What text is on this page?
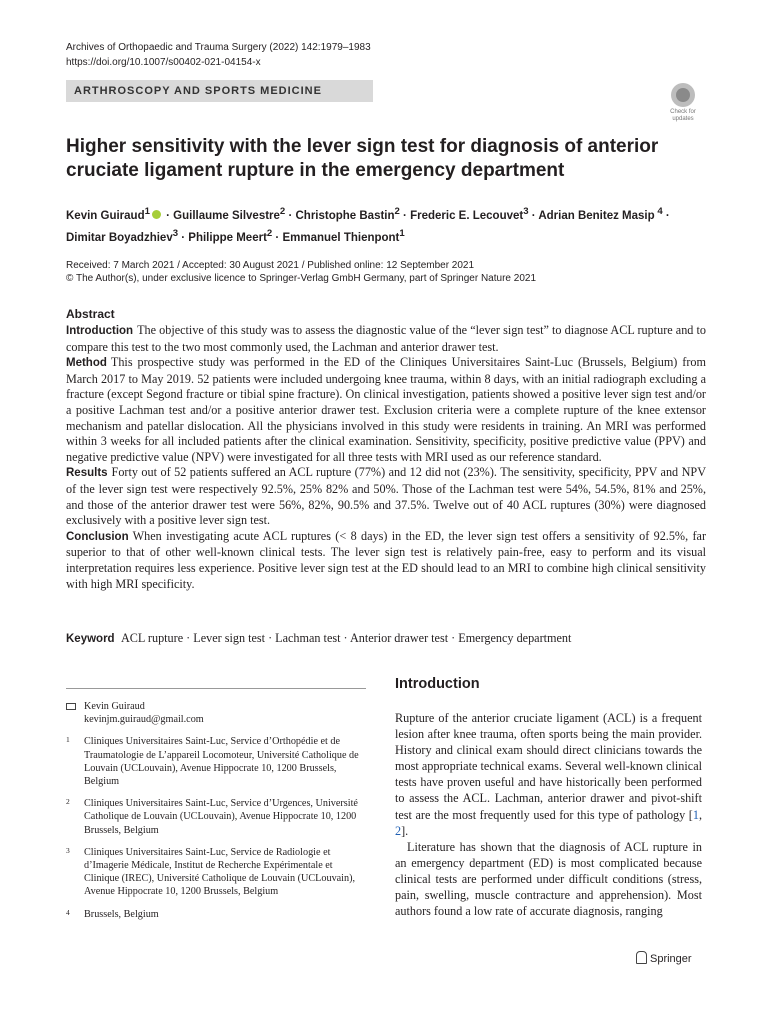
Archives of Orthopaedic and Trauma Surgery (2022) 142:1979–1983
https://doi.org/10.1007/s00402-021-04154-x
ARTHROSCOPY AND SPORTS MEDICINE
Check for
updates
Higher sensitivity with the lever sign test for diagnosis of anterior cruciate ligament rupture in the emergency department
Kevin Guiraud$^1$ · Guillaume Silvestre$^2$ · Christophe Bastin$^2$ · Frederic E. Lecouvet$^3$ · Adrian Benitez Masip $^4$ ·
Dimitar Boyadzhiev$^3$ · Philippe Meert$^2$ · Emmanuel Thienpont$^1$
Received: 7 March 2021 / Accepted: 30 August 2021 / Published online: 12 September 2021
© The Author(s), under exclusive licence to Springer-Verlag GmbH Germany, part of Springer Nature 2021
Abstract

Introduction The objective of this study was to assess the diagnostic value of the “lever sign test” to diagnose ACL rupture and to compare this test to the two most commonly used, the Lachman and anterior drawer test.

Method This prospective study was performed in the ED of the Cliniques Universitaires Saint-Luc (Brussels, Belgium) from March 2017 to May 2019. 52 patients were included undergoing knee trauma, within 8 days, with an initial radiograph excluding a fracture (except Segond fracture or tibial spine fracture). On clinical investigation, patients showed a positive lever sign test and/or a positive Lachman test and/or a positive anterior drawer test. Exclusion criteria were a complete rupture of the knee extensor mechanism and patellar dislocation. All the physicians involved in this study were residents in training. An MRI was performed within 3 weeks for all included patients after the clinical examination. Sensitivity, specificity, positive predictive value (PPV) and negative predictive value (NPV) were investigated for all three tests with MRI used as our reference standard.

Results Forty out of 52 patients suffered an ACL rupture (77%) and 12 did not (23%). The sensitivity, specificity, PPV and NPV of the lever sign test were respectively 92.5%, 25% 82% and 50%. Those of the Lachman test were 54%, 54.5%, 81% and 25%, and those of the anterior drawer test were 56%, 82%, 90.5% and 37.5%. Twelve out of 40 ACL ruptures (30%) were diagnosed exclusively with a positive lever sign test.

Conclusion When investigating acute ACL ruptures (< 8 days) in the ED, the lever sign test offers a sensitivity of 92.5%, far superior to that of other well-known clinical tests. The lever sign test is relatively pain-free, easy to perform and its visual interpretation requires less experience. Positive lever sign test at the ED should lead to an MRI to combine high clinical sensitivity with high MRI specificity.

Keyword ACL rupture · Lever sign test · Lachman test · Anterior drawer test · Emergency department
Kevin Guiraud
kevinjm.guiraud@gmail.com
1 Cliniques Universitaires Saint-Luc, Service d’Orthopédie et de Traumatologie de L’appareil Locomoteur, Université Catholique de Louvain (UCLouvain), Avenue Hippocrate 10, 1200 Brussels, Belgium
2 Cliniques Universitaires Saint-Luc, Service d’Urgences, Université Catholique de Louvain (UCLouvain), Avenue Hippocrate 10, 1200 Brussels, Belgium
3 Cliniques Universitaires Saint-Luc, Service de Radiologie et d’Imagerie Médicale, Institut de Recherche Expérimentale et Clinique (IREC), Université Catholique de Louvain (UCLouvain), Avenue Hippocrate 10, 1200 Brussels, Belgium
4 Brussels, Belgium
Introduction

Rupture of the anterior cruciate ligament (ACL) is a frequent lesion after knee trauma, often sports being the main provider. History and clinical exam should direct clinicians towards the most appropriate technical exams. Several well-known clinical tests have proven useful and have historically been performed to assess the ACL. Lachman, anterior drawer and pivot-shift test are the most frequently used for this type of pathology [1, 2].

Literature has shown that the diagnosis of ACL rupture in an emergency department (ED) is most complicated because clinical tests are performed under difficult conditions (stress, pain, swelling, muscle contracture and apprehension). Most authors found a low rate of accurate diagnosis, ranging

Springer
